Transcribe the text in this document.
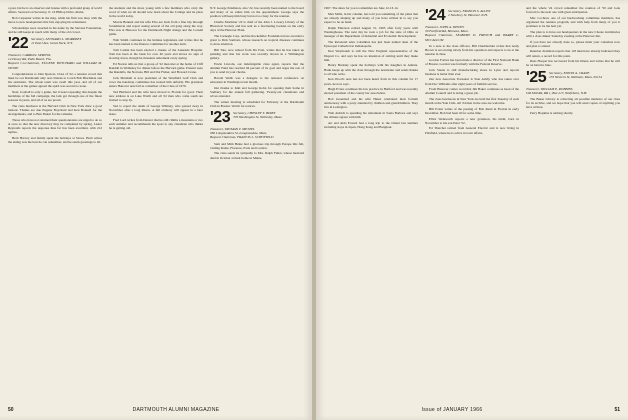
a past, but he is an observer and trustee with a profound grasp of world affairs. Seaward on Secretary, Jr. 16 Hilltop Drive, Rome.

Bob Carpenter writes in the mag, while his firm was busy with the move to new headquarters this fall, enjoying his retirement.

Scholarships were awarded in his name by the Stevens Foundation, and he still keeps in touch with many of the old crowd.

'22 Secretary, LEONARD L. MORRISEY
11 Pearl Ave, Great Neck, N.Y.
Treasurer, CARROLL SPROWL
14 Dewey Rd, Palm Beach, Fla.
Bequest Co-Chairmen, EUGENE BOYCHARD and WILLIAM M. STONE

Congratulations to John Spencer, Class of '22, a reunion crowd that must be our Dartmouth only real citizens to Coach Bob Blackman and his assistants. The whole team was swell this year, and all of our members at the games agreed the spirit was second to none.

Next, football is only a game, but it bears repeating that despite the hardships of the fall campaign, the lads got through one of the finest seasons in years, and all of us are proud.

The class luncheon at the Harvard Club in New York drew a good turnout. Thanks are due Eugene Boychard and Ken Bonnell for the arrangements, and to Ben Tinker for the remarks.

Those who have not returned their questionnaires are urged to do so at once so that the new directory may be completed by spring. Lester Reynolds reports the response thus far has been excellent, with 212 replies.

Herb Harvey and family spent the holidays at Stowe. Herb writes the skiing was the best he can remember, and he sends greetings to all.

the students and the more young with a few members who carry the word of what we all should now learn about the College and its place in the world today.

Morrie Bennett and his wife Elsa are back from a fine trip through Scandinavia and report seeing several of the old gang along the way. Elsa was at Hanover for the Dartmouth Night doings and the Cornell game.

Walt Smith continues in the Indiana legislature and writes that he has been named to the finance committee for another term.

Tom Larkin has been elected a trustee of the Lakeside Hospital. Tom has been at the bank for over 40 years and shows no sign of slowing down, though he threatens retirement every spring.

Ed Norton tells us that a group of '22 men met at the home of Cliff Randall in Wellesley for dinner before the Harvard game. Present were the Randalls, the Nortons, Bill and Dot Fisher, and Howard Crane.

Jack Marshall is now president of the Westfield Golf Club and vows the handicap committee has treated him unfairly. His grandson enters Hanover next fall as a member of the Class of 1970.

Ted Hubbard and his wife have moved to Florida for good. Their new address is on Lake Worth and all '22 men who come south are invited to stop by.

Sad to report the death of George Whitney, who passed away in November after a long illness. A full obituary will appear in a later issue.

Fred Lord writes from Denver that he still climbs a mountain or two each summer and recommends the sport to any classmate who thinks he is getting old.

N.Y. George Pendleton, also '22, has recently been named to the board and many of us salute him on the appointment. George says the position will keep him busy but not too busy for the reunion.

Charlie Mortimer '22 is chief of the John J. Lowery Library of the Historical Society and has sent us a fascinating booklet on the early days of the Hanover Plain.

The Carnegie Corp. and the Rockefeller Foundation have awarded a grant to Dick Sanborn, whose research on tropical diseases continues to draw attention.

Bill Tate, now retired from Du Pont, writes that he has taken up painting and that his work was recently shown in a Wilmington gallery.

Erwin Lincoln, our indefatigable class agent, reports that the Alumni Fund has reached 94 percent of its goal and urges the rest of you to send in your checks.

Harold Webb was a delegate to the national conference on education in Washington last month.

Our thanks to Kiki and George Kohn for opening their home in Sudbury for the annual fall gathering. Twenty-six classmates and wives attended.

The winter meeting is scheduled for February at the Dartmouth Club in Boston. Watch for notices.

'23 Secretary, CHESLEY T. BIXBY
376 Washington St, Wellesley, Mass.
Treasurer, TRUMAN T. METZEL
960 Longmeadow St, Longmeadow, Mass.
Bequest Chairman, FRANCIS L. SCHOFIELD

Sam and Mim Heine had a glorious trip through Europe this fall, visiting Rome, Florence, Paris and London.

The class sends its sympathy to Mrs. Ralph Fuller, whose husband died in October at their home in Maine.

50	DARTMOUTH ALUMNI MAGAZINE

1967. The dates for you to remember are June 12-13-14.

Max Mills, in his column, has told you something of the plans that are already shaping up and many of you have written in to say you expect to be on hand.

Ralph Emerson retired August 31, 1965 after forty years with Westinghouse. The next day he took a job for the state of Ohio as manager of the Department of Industrial and Economic Development.

The Reverend Alex Columbus has just been named dean of the Episcopal Cathedral in Indianapolis.

Don Weymouth is still the New England representative of the Dupont Co. and says he has no intention of retiring until they make him.

Henry Buckley spent the holidays with his daughter in Atlanta. Hank keeps up with the class through the newsletter and sends thanks to all who write.

Ken Wood's note has not been heard from in this column for 17 years, he now says.

Hugh Evans continues his law practice in Hartford and was recently elected president of the county bar association.

Bob Greenleaf and his wife Helen celebrated their fortieth anniversary with a party attended by children and grandchildren. They live in Lexington.

Walt Aldrich is spending his retirement in Santa Barbara and says the climate agrees with him.

Art and Alda Everett had a long trip to the Orient last summer including stops in Japan, Hong Kong and Bangkok.

'24 Secretary, FRANCIS S. ALLEN
2 Newbury St, Hanover, N.H.
Treasurer, JOHN A. DEWEY
30 Fairfield Rd, Belmont, Mass.
Bequest Chairmen, SEABURY D. FRENCH and HARRY L. MCCALLUM

In a note to the class officers, Bill Chamberlain writes that Andy Brown is recovering nicely from his operation and expects to be at the reunion in June.

Gordon Forbes has been made a director of the First National Bank of Boston. Gordon was formerly with the Federal Reserve.

Jack Steele is still manufacturing shoes in Lynn and reports business is better than ever.

Our new Associate Treasurer is Stan Ashby who has taken over from Doc Williams after eight years of faithful service.

From Hanover comes word that Jim Baker continues as head of the Alumni Council and is doing a great job.

The class luncheons in New York are held the first Tuesday of each month at the Yale Club. All '24 men in the area are welcome.

Bill Potter writes of the passing of Bob Rand in Florida in early December. Bob had been ill for some time.

Elliot Wentworth reports a new grandson, his ninth, born in November to his son Peter '52.

Ed Thatcher retired from General Electric and is now living in Pittsfield, where he is active in town affairs.

and the whole '24 crowd remember the reunion of '59 and look forward to the next one with great anticipation.

Mac Cochran, one of our hardworking committee members, has organized the reunion program, and with help from many of you it promises to be the best yet.

The plan is to have our headquarters in the new Choate dormitories with a class dinner Saturday evening at the Hanover Inn.

If you have not already done so, please mark your calendars now and plan to attend.

Reunion chairman reports that 118 men have already indicated they will return, a record for this point.

Russ Hooper has recovered from his illness and writes that he will be on hand in June.

'25 Secretary, EDWIN A. CRANE
133 Western St, Waltham, Mass. 02154
Treasurer, WILLIAM E. ROBBINS
Old Mill Rd, RR 1, Box 217, Wolfeboro, N.H.

The Baker Library is collecting all possible memoirs of our class for its archive, and we hope that you will send copies of anything you have written.

Perry Hopkins is retiring shortly.

Issue of JANUARY 1966	51
